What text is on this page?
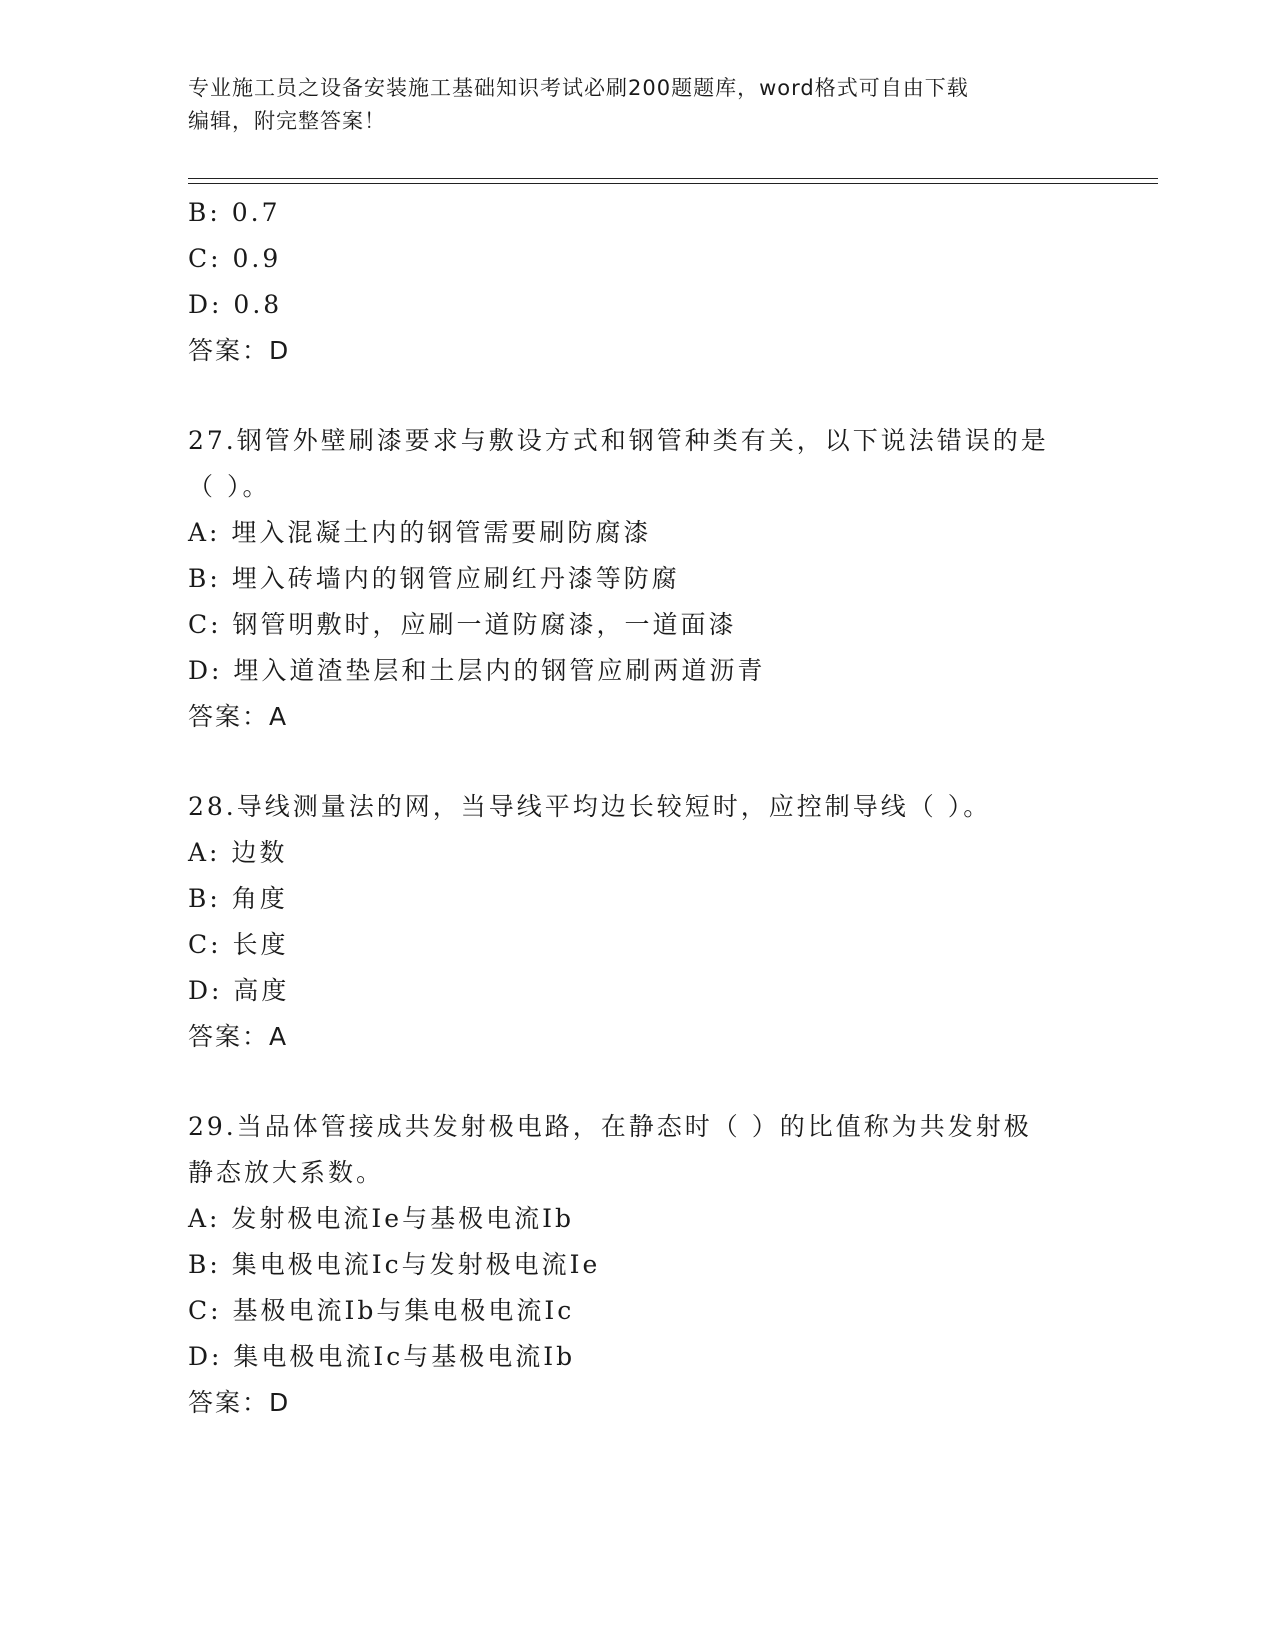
专业施工员之设备安装施工基础知识考试必刷200题题库，word格式可自由下载
编辑，附完整答案！
B: 0.7
C: 0.9
D: 0.8
答案：D
27.钢管外壁刷漆要求与敷设方式和钢管种类有关，以下说法错误的是
（ ）。
A: 埋入混凝土内的钢管需要刷防腐漆
B: 埋入砖墙内的钢管应刷红丹漆等防腐
C: 钢管明敷时，应刷一道防腐漆，一道面漆
D: 埋入道渣垫层和土层内的钢管应刷两道沥青
答案：A
28.导线测量法的网，当导线平均边长较短时，应控制导线（ ）。
A: 边数
B: 角度
C: 长度
D: 高度
答案：A
29.当品体管接成共发射极电路，在静态时（ ）的比值称为共发射极
静态放大系数。
A: 发射极电流Ie与基极电流Ib
B: 集电极电流Ic与发射极电流Ie
C: 基极电流Ib与集电极电流Ic
D: 集电极电流Ic与基极电流Ib
答案：D
